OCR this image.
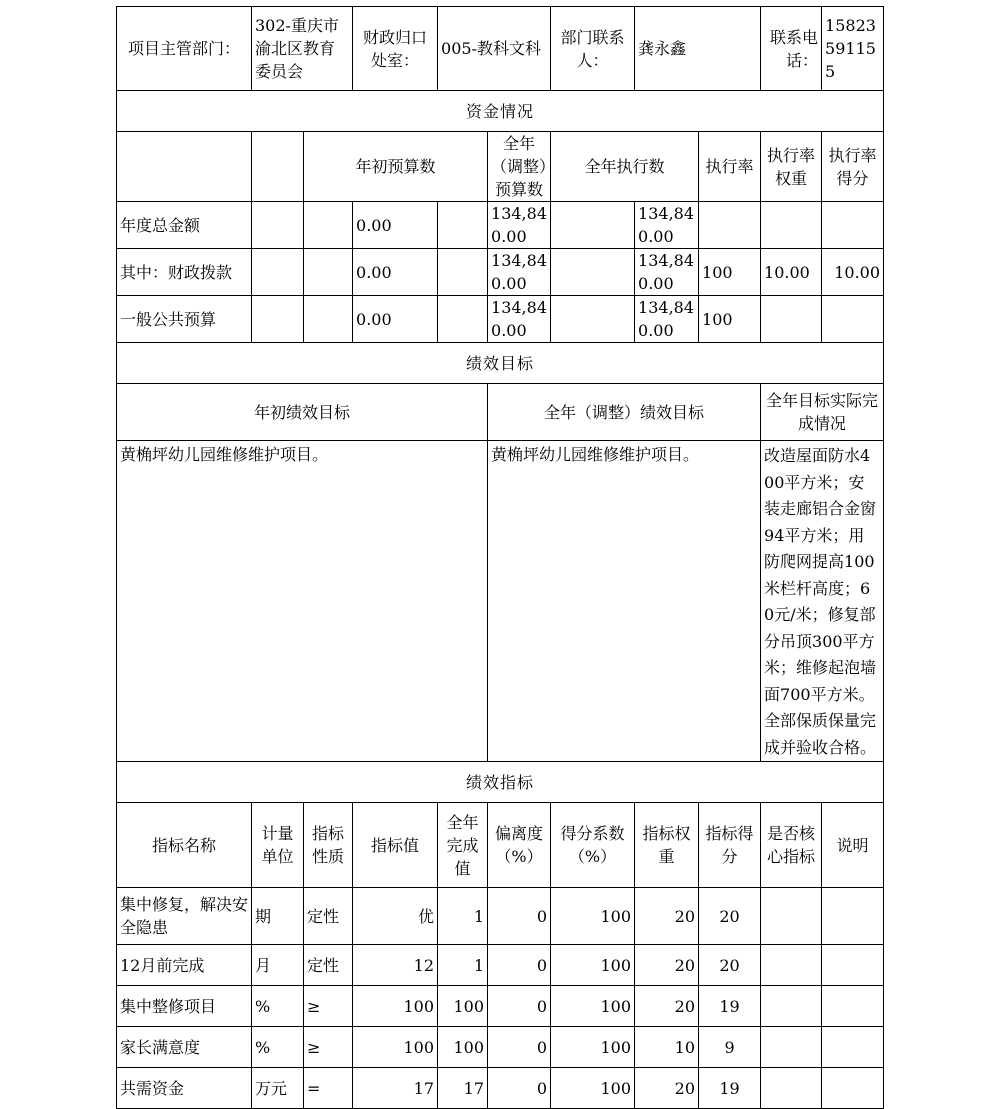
项目主管部门：	302-重庆市渝北区教育委员会		财政归口处室：	005-教科文科		部门联系人：	龚永鑫		联系电话：	15823591155
资金情况										
		年初预算数			全年（调整）预算数	全年执行数		执行率	执行率权重	执行率得分
年度总金额			0.00		134,840.00		134,840.00			
其中：财政拨款			0.00		134,840.00		134,840.00	100	10.00	10.00
一般公共预算			0.00		134,840.00		134,840.00	100		
绩效目标										
年初绩效目标					全年（调整）绩效目标				全年目标实际完成情况	
黄桷坪幼儿园维修维护项目。					黄桷坪幼儿园维修维护项目。				改造屋面防水400平方米；安装走廊铝合金窗94平方米；用防爬网提高100米栏杆高度；60元/米；修复部分吊顶300平方米；维修起泡墙面700平方米。全部保质保量完成并验收合格。	
绩效指标										
指标名称	计量单位	指标性质	指标值	全年完成值	偏离度（%）	得分系数（%）	指标权重	指标得分	是否核心指标	说明
集中修复，解决安全隐患	期	定性	优	1	0	100	20	20		
12月前完成	月	定性	12	1	0	100	20	20		
集中整修项目	%	≥	100	100	0	100	20	19		
家长满意度	%	≥	100	100	0	100	10	9		
共需资金	万元	=	17	17	0	100	20	19		
